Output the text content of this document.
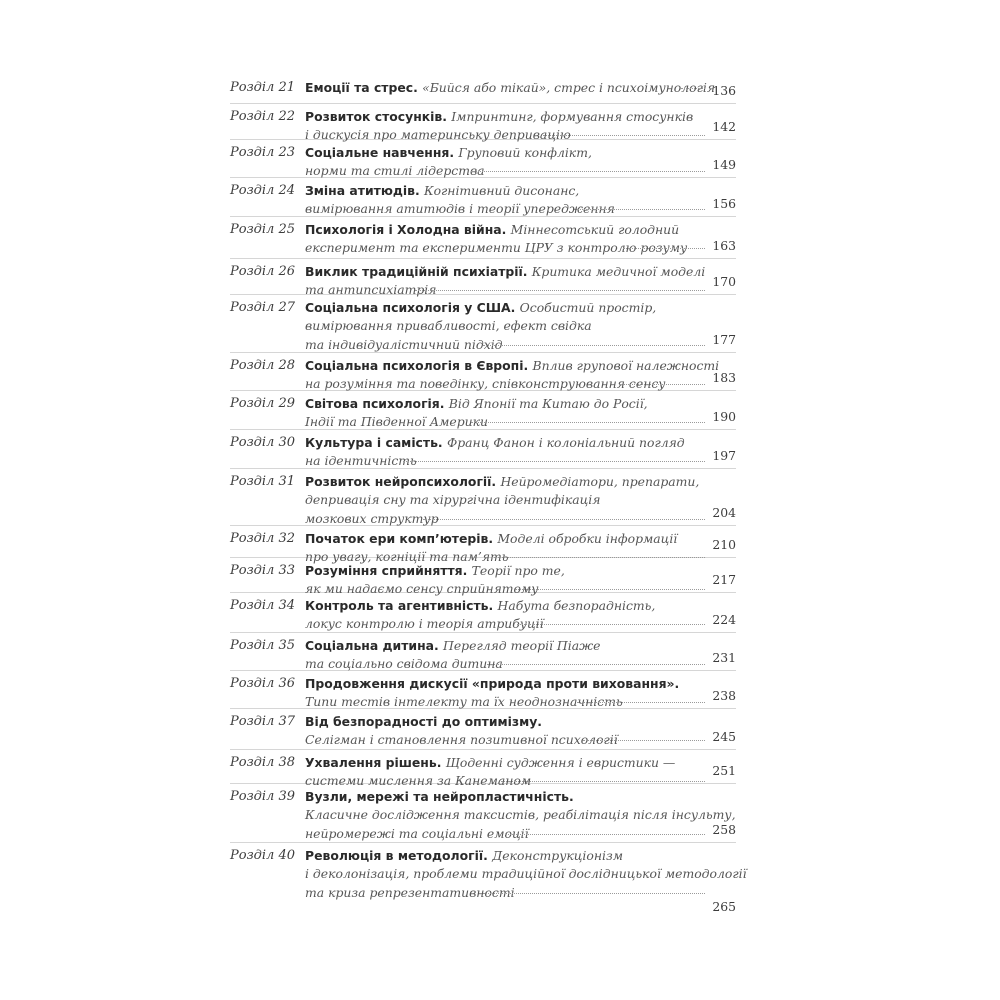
Розділ 21 Емоції та стрес. «Бийся або тікай», стрес і психоімунологія
136
Розділ 22 Розвиток стосунків. Імпринтинг, формування стосунків
і дискусія про материнську депривацію
142
Розділ 23 Соціальне навчення. Груповий конфлікт,
норми та стилі лідерства	149
Розділ 24 Зміна атитюдів. Когнітивний дисонанс,
вимірювання атитюдів і теорії упередження	156
Розділ 25 Психологія і Холодна війна. Міннесотський голодний
експеримент та експерименти ЦРУ з контролю розуму	163
Розділ 26 Виклик традиційній психіатрії. Критика медичної моделі
та антипсихіатрія
170
Розділ 27 Соціальна психологія у США. Особистий простір,
вимірювання привабливості, ефект свідка
та індивідуалістичний підхід	177
Розділ 28 Соціальна психологія в Європі. Вплив групової належності
на розуміння та поведінку, співконструювання сенсу	183
Розділ 29 Світова психологія. Від Японії та Китаю до Росії,
Індії та Південної Америки	190
Розділ 30 Культура і самість. Франц Фанон і колоніальний погляд
на ідентичність	197
Розділ 31 Розвиток нейропсихології. Нейромедіатори, препарати,
депривація сну та хірургічна ідентифікація
мозкових структур	204
Розділ 32 Початок ери комп’ютерів. Моделі обробки інформації
про увагу, когніції та пам’ять
210
Розділ 33 Розуміння сприйняття. Теорії про те,
як ми надаємо сенсу сприйнятому
217
Розділ 34 Контроль та агентивність. Набута безпорадність,
локус контролю і теорія атрибуції	224
Розділ 35 Соціальна дитина. Перегляд теорії Піаже
та соціально свідома дитина	231
Розділ 36 Продовження дискусії «природа проти виховання».
Типи тестів інтелекту та їх неоднозначність	238
Розділ 37 Від безпорадності до оптимізму.
Селігман і становлення позитивної психології	245
Розділ 38 Ухвалення рішень. Щоденні судження і евристики —
системи мислення за Канеманом
251
Розділ 39 Вузли, мережі та нейропластичність.
Класичне дослідження таксистів, реабілітація після інсульту,
нейромережі та соціальні емоції	258
Розділ 40 Революція в методології. Деконструкціонізм
і деколонізація, проблеми традиційної дослідницької методології
та криза репрезентативності
265
